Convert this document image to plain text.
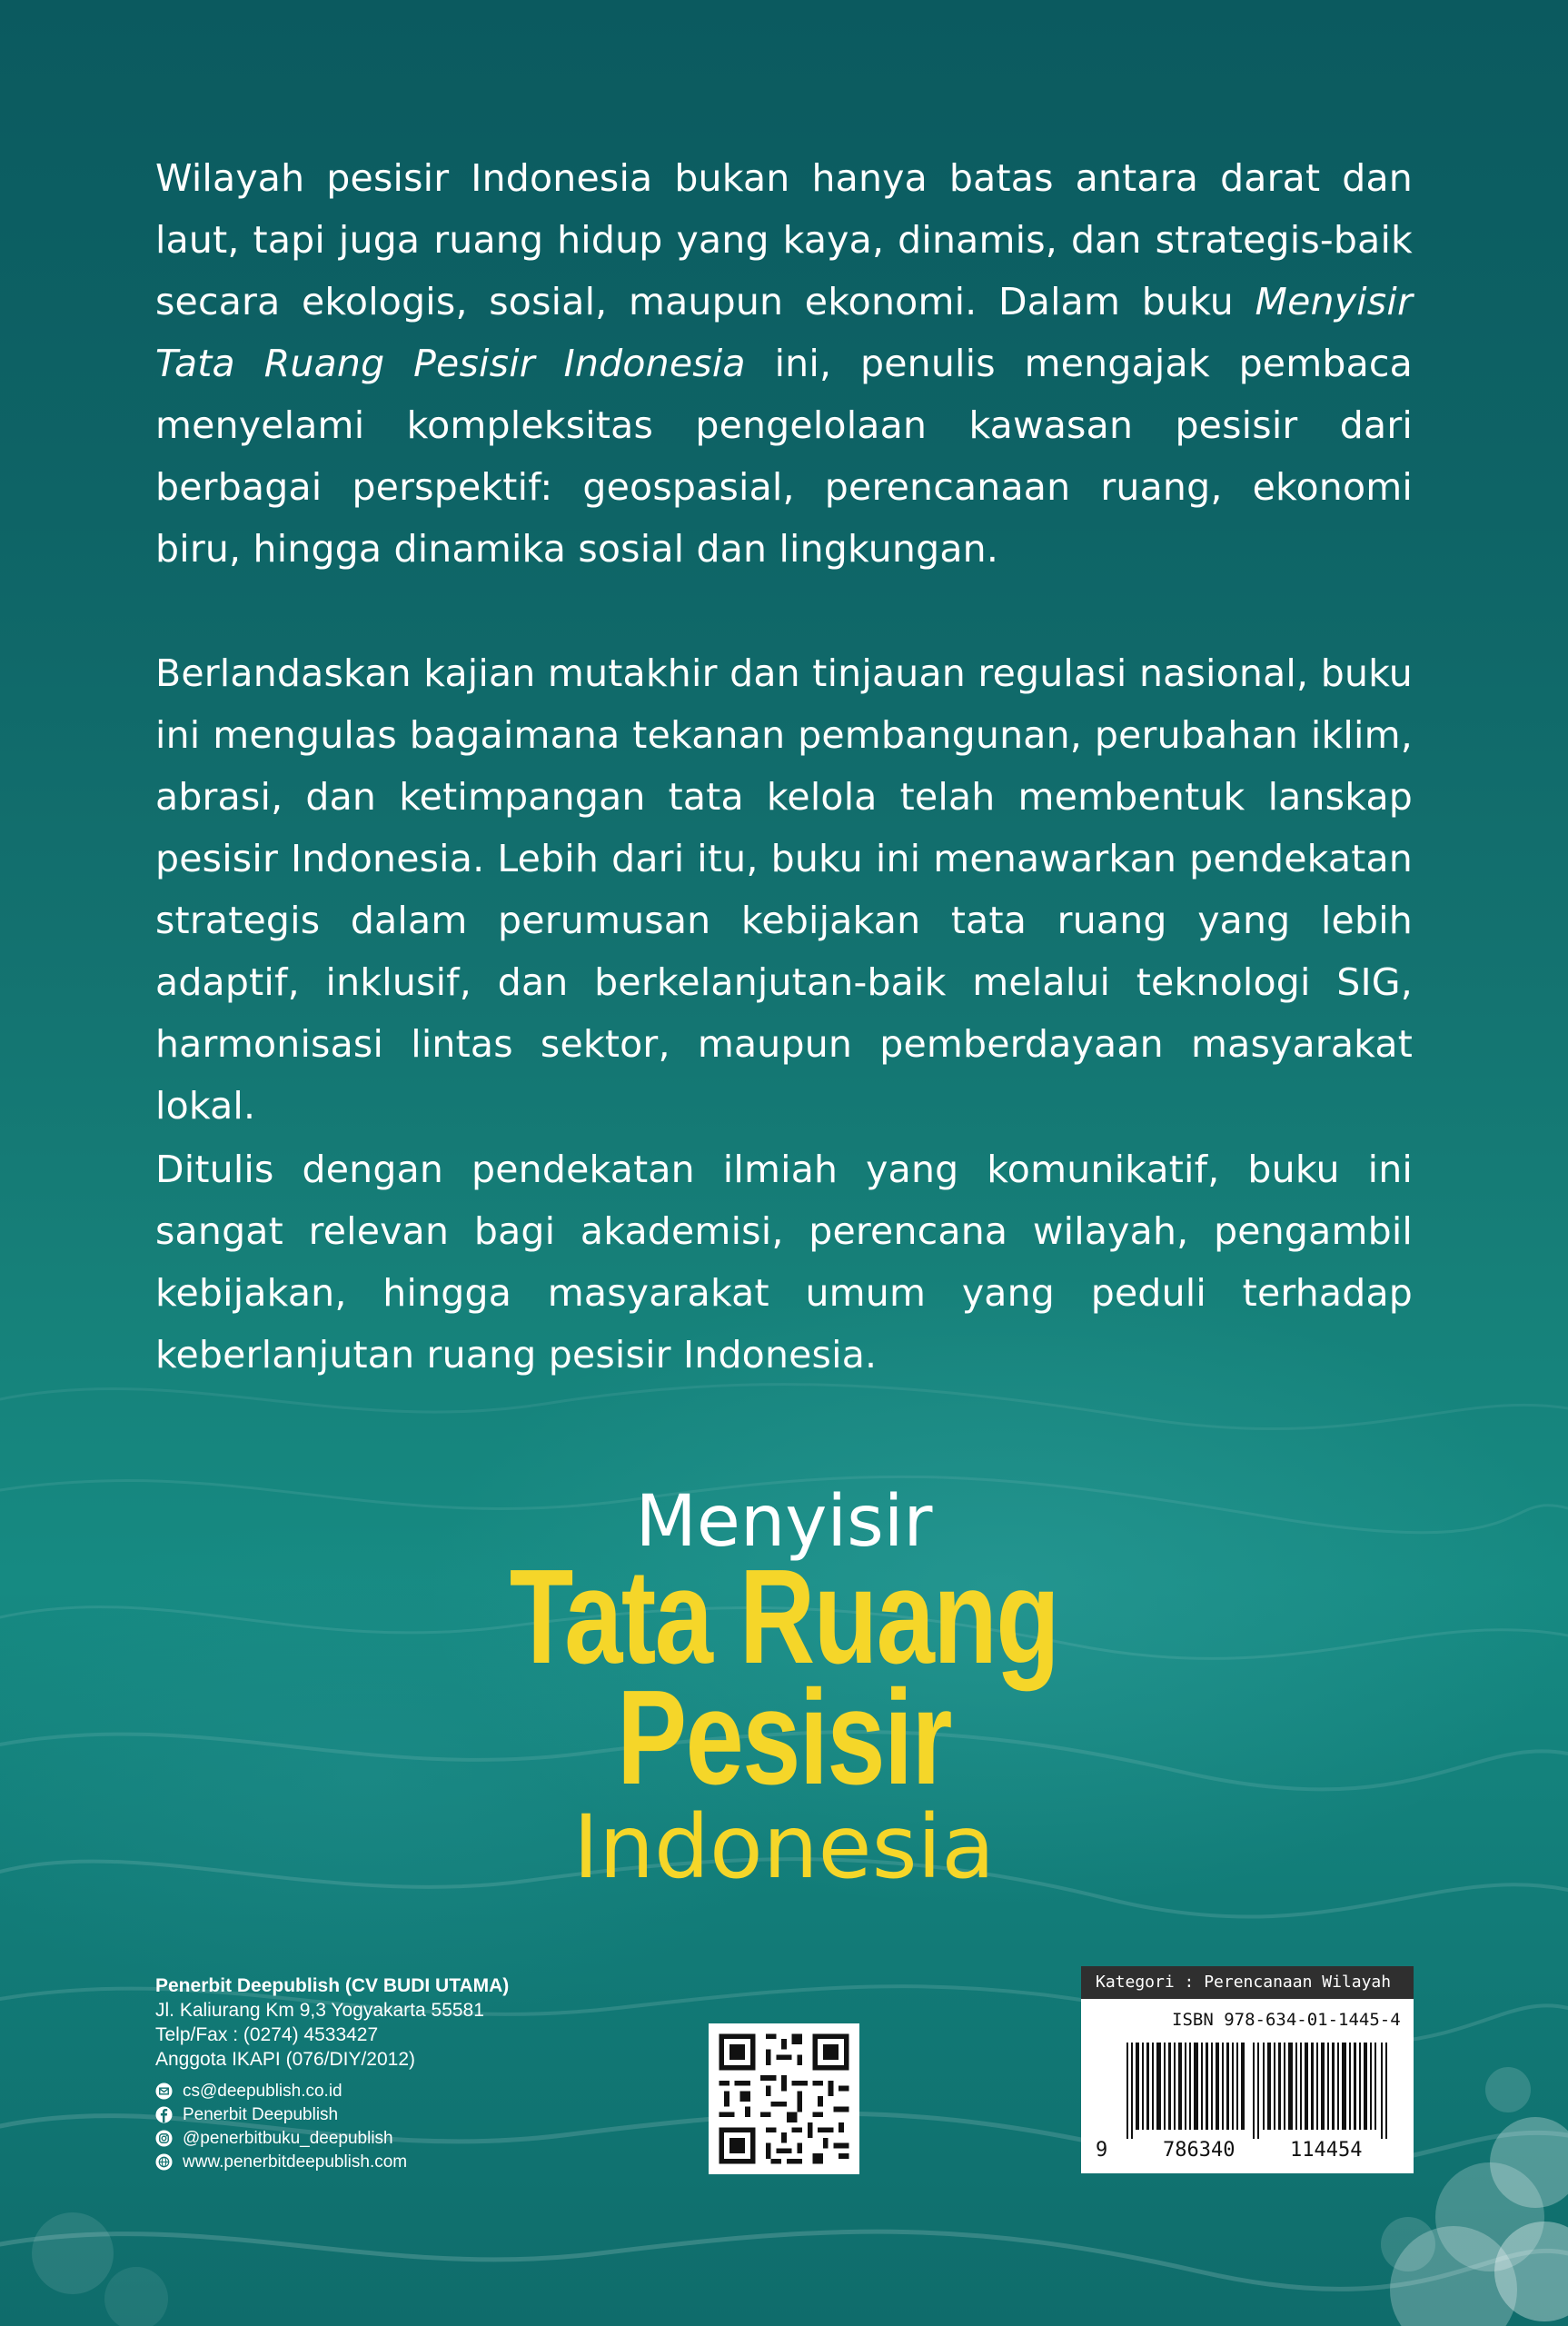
Wilayah pesisir Indonesia bukan hanya batas antara darat dan laut, tapi juga ruang hidup yang kaya, dinamis, dan strategis-baik secara ekologis, sosial, maupun ekonomi. Dalam buku Menyisir Tata Ruang Pesisir Indonesia ini, penulis mengajak pembaca menyelami kompleksitas pengelolaan kawasan pesisir dari berbagai perspektif: geospasial, perencanaan ruang, ekonomi biru, hingga dinamika sosial dan lingkungan.

Berlandaskan kajian mutakhir dan tinjauan regulasi nasional, buku ini mengulas bagaimana tekanan pembangunan, perubahan iklim, abrasi, dan ketimpangan tata kelola telah membentuk lanskap pesisir Indonesia. Lebih dari itu, buku ini menawarkan pendekatan strategis dalam perumusan kebijakan tata ruang yang lebih adaptif, inklusif, dan berkelanjutan-baik melalui teknologi SIG, harmonisasi lintas sektor, maupun pemberdayaan masyarakat lokal.

Ditulis dengan pendekatan ilmiah yang komunikatif, buku ini sangat relevan bagi akademisi, perencana wilayah, pengambil kebijakan, hingga masyarakat umum yang peduli terhadap keberlanjutan ruang pesisir Indonesia.

Menyisir
Tata Ruang
Pesisir
Indonesia
Penerbit Deepublish (CV BUDI UTAMA)
Jl. Kaliurang Km 9,3 Yogyakarta 55581
Telp/Fax : (0274) 4533427
Anggota IKAPI (076/DIY/2012)
cs@deepublish.co.id
Penerbit Deepublish
@penerbitbuku_deepublish
www.penerbitdeepublish.com
Kategori : Perencanaan Wilayah
ISBN 978-634-01-1445-4
9	786340	114454
